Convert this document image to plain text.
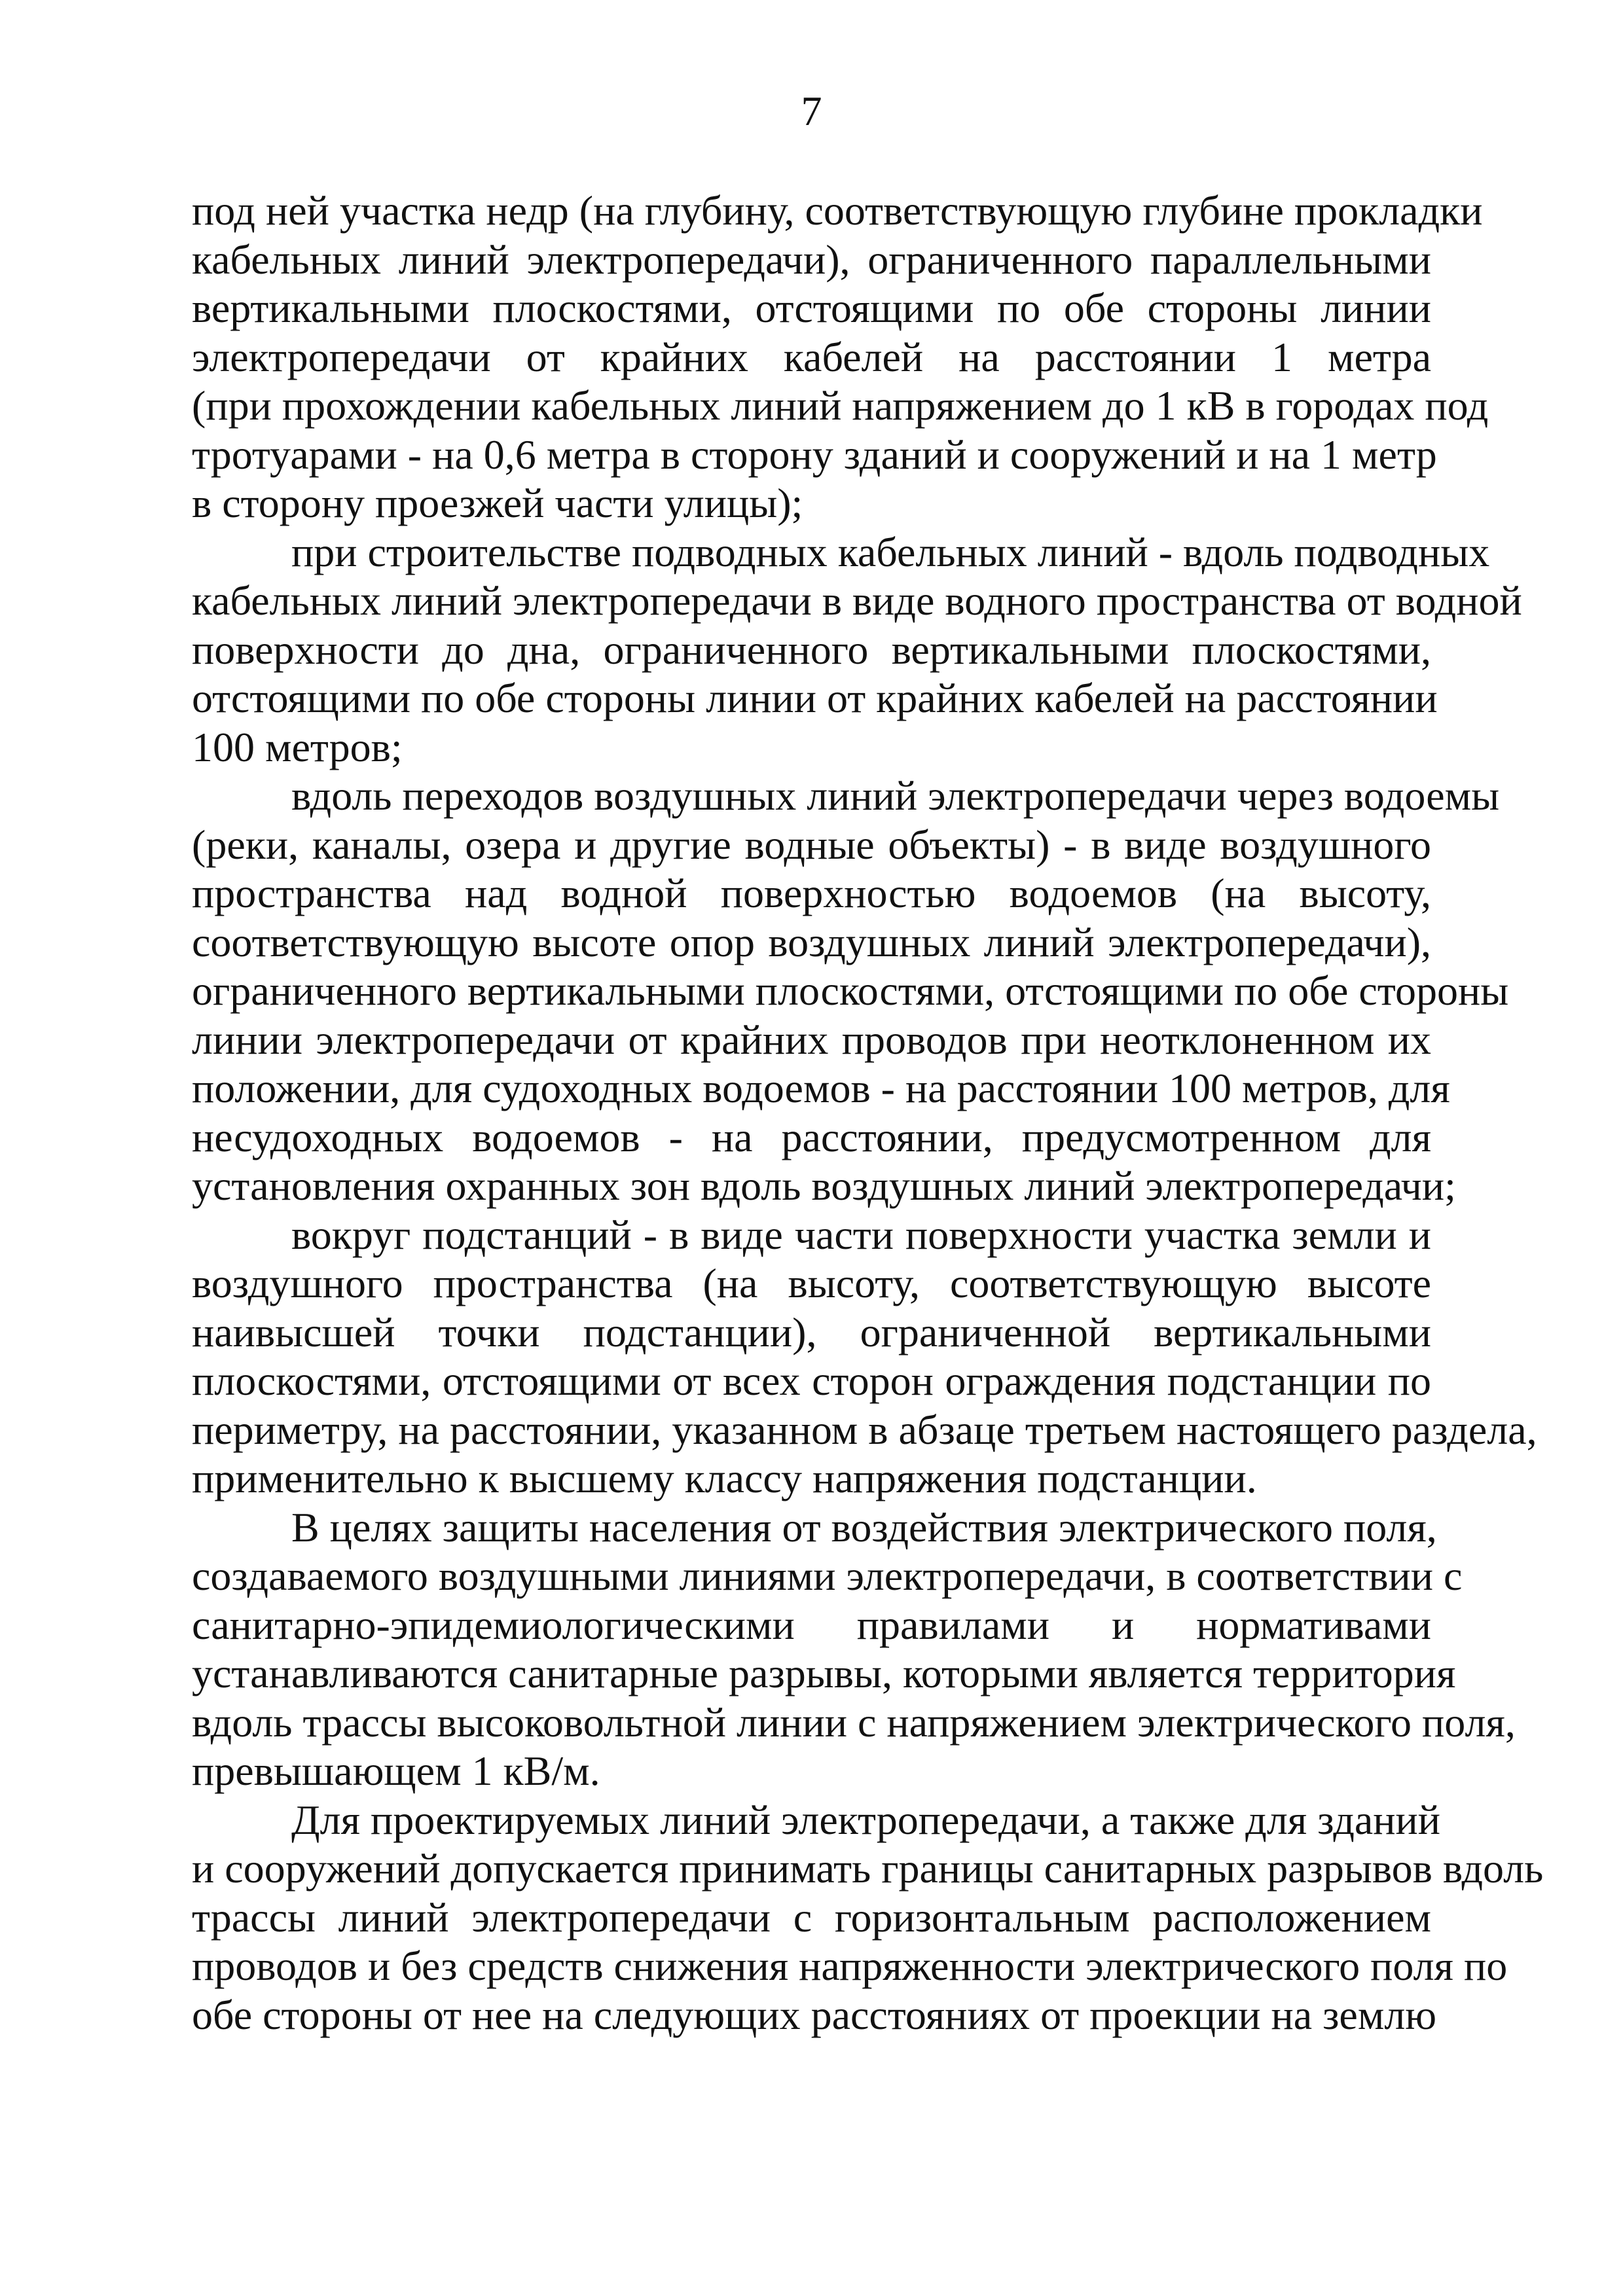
7
под ней участка недр (на глубину, соответствующую глубине прокладки
кабельных линий электропередачи), ограниченного параллельными
вертикальными плоскостями, отстоящими по обе стороны линии
электропередачи от крайних кабелей на расстоянии 1 метра
(при прохождении кабельных линий напряжением до 1 кВ в городах под
тротуарами - на 0,6 метра в сторону зданий и сооружений и на 1 метр
в сторону проезжей части улицы);
при строительстве подводных кабельных линий - вдоль подводных
кабельных линий электропередачи в виде водного пространства от водной
поверхности до дна, ограниченного вертикальными плоскостями,
отстоящими по обе стороны линии от крайних кабелей на расстоянии
100 метров;
вдоль переходов воздушных линий электропередачи через водоемы
(реки, каналы, озера и другие водные объекты) - в виде воздушного
пространства над водной поверхностью водоемов (на высоту,
соответствующую высоте опор воздушных линий электропередачи),
ограниченного вертикальными плоскостями, отстоящими по обе стороны
линии электропередачи от крайних проводов при неотклоненном их
положении, для судоходных водоемов - на расстоянии 100 метров, для
несудоходных водоемов - на расстоянии, предусмотренном для
установления охранных зон вдоль воздушных линий электропередачи;
вокруг подстанций - в виде части поверхности участка земли и
воздушного пространства (на высоту, соответствующую высоте
наивысшей точки подстанции), ограниченной вертикальными
плоскостями, отстоящими от всех сторон ограждения подстанции по
периметру, на расстоянии, указанном в абзаце третьем настоящего раздела,
применительно к высшему классу напряжения подстанции.
В целях защиты населения от воздействия электрического поля,
создаваемого воздушными линиями электропередачи, в соответствии с
санитарно-эпидемиологическими правилами и нормативами
устанавливаются санитарные разрывы, которыми является территория
вдоль трассы высоковольтной линии с напряжением электрического поля,
превышающем 1 кВ/м.
Для проектируемых линий электропередачи, а также для зданий
и сооружений допускается принимать границы санитарных разрывов вдоль
трассы линий электропередачи с горизонтальным расположением
проводов и без средств снижения напряженности электрического поля по
обе стороны от нее на следующих расстояниях от проекции на землю
